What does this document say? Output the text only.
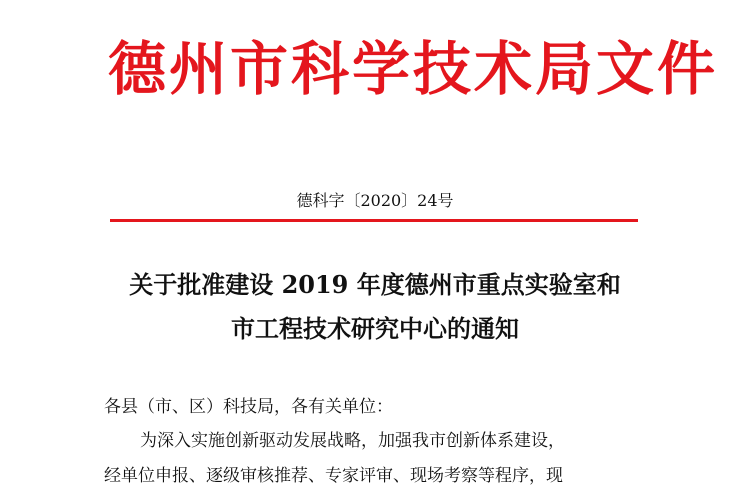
德州市科学技术局文件
德科字〔2020〕24号
关于批准建设 2019 年度德州市重点实验室和
市工程技术研究中心的通知
各县（市、区）科技局，各有关单位：
为深入实施创新驱动发展战略，加强我市创新体系建设，
经单位申报、逐级审核推荐、专家评审、现场考察等程序，现
